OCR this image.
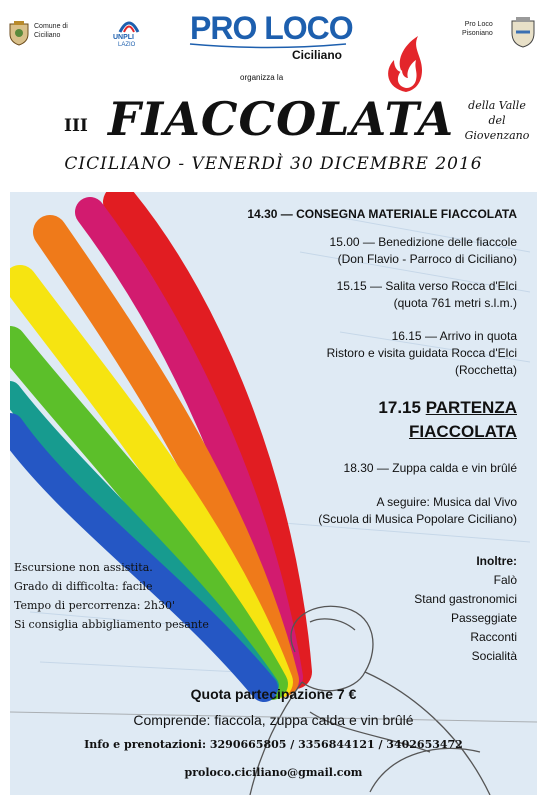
Comune di
Ciciliano	UNPLI
LAZIO PRO LOCO
Ciciliano
Pro Loco
Pisoniano
organizza la
III FIACCOLATA	della Valle
del
Giovenzano
CICILIANO - VENERDÌ 30 DICEMBRE 2016
14.30 — CONSEGNA MATERIALE FIACCOLATA
15.00 — Benedizione delle fiaccole
(Don Flavio - Parroco di Ciciliano)
15.15 — Salita verso Rocca d'Elci
(quota 761 metri s.l.m.)
16.15 — Arrivo in quota
Ristoro e visita guidata Rocca d'Elci
(Rocchetta)
17.15 PARTENZA
FIACCOLATA
18.30 — Zuppa calda e vin brûlé
A seguire: Musica dal Vivo
(Scuola di Musica Popolare Ciciliano)
Escursione non assistita.
Grado di difficolta: facile
Tempo di percorrenza: 2h30'
Si consiglia abbigliamento pesante
Inoltre:
Falò
Stand gastronomici
Passeggiate
Racconti
Socialità
Quota partecipazione 7 €
Comprende: fiaccola, zuppa calda e vin brûlé
Info e prenotazioni: 3290665805 / 3356844121 / 3402653472
proloco.ciciliano@gmail.com
